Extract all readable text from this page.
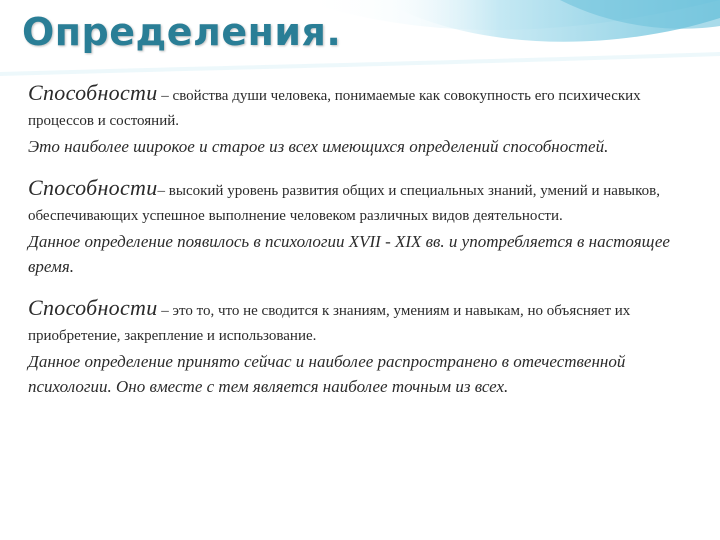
Определения.

Способности – свойства души человека, понимаемые как совокупность его психических процессов и состояний.

Это наиболее широкое и старое из всех имеющихся определений способностей.

Способности– высокий уровень развития общих и специальных знаний, умений и навыков, обеспечивающих успешное выполнение человеком различных видов деятельности.

Данное определение появилось в психологии XVII - XIX вв. и употребляется в настоящее время.

Способности – это то, что не сводится к знаниям, умениям и навыкам, но объясняет их приобретение, закрепление и использование.

Данное определение принято сейчас и наиболее распространено в отечественной психологии. Оно вместе с тем является наиболее точным из всех.
